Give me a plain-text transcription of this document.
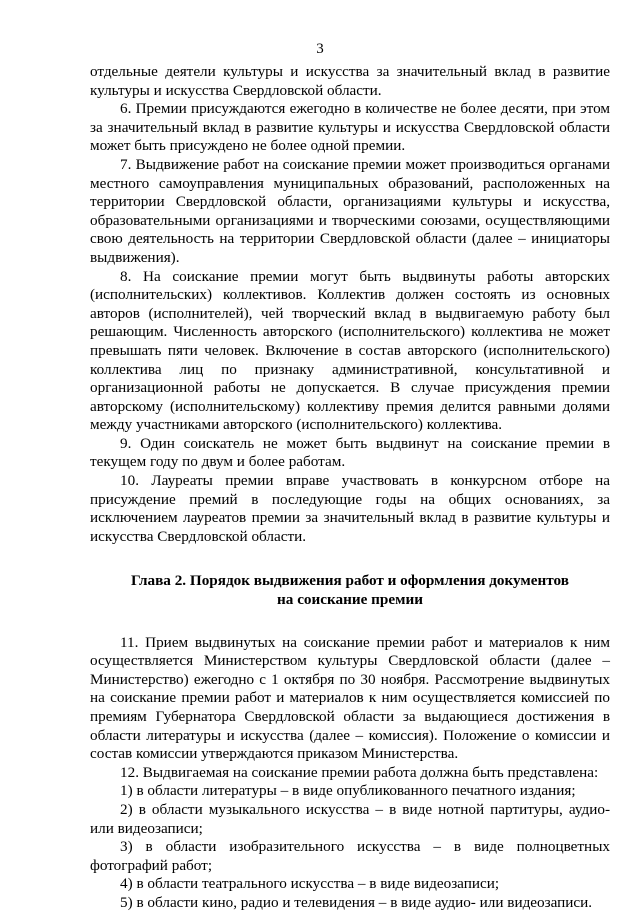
3

отдельные деятели культуры и искусства за значительный вклад в развитие культуры и искусства Свердловской области.

6. Премии присуждаются ежегодно в количестве не более десяти, при этом за значительный вклад в развитие культуры и искусства Свердловской области может быть присуждено не более одной премии.

7. Выдвижение работ на соискание премии может производиться органами местного самоуправления муниципальных образований, расположенных на территории Свердловской области, организациями культуры и искусства, образовательными организациями и творческими союзами, осуществляющими свою деятельность на территории Свердловской области (далее – инициаторы выдвижения).

8. На соискание премии могут быть выдвинуты работы авторских (исполнительских) коллективов. Коллектив должен состоять из основных авторов (исполнителей), чей творческий вклад в выдвигаемую работу был решающим. Численность авторского (исполнительского) коллектива не может превышать пяти человек. Включение в состав авторского (исполнительского) коллектива лиц по признаку административной, консультативной и организационной работы не допускается. В случае присуждения премии авторскому (исполнительскому) коллективу премия делится равными долями между участниками авторского (исполнительского) коллектива.

9. Один соискатель не может быть выдвинут на соискание премии в текущем году по двум и более работам.

10. Лауреаты премии вправе участвовать в конкурсном отборе на присуждение премий в последующие годы на общих основаниях, за исключением лауреатов премии за значительный вклад в развитие культуры и искусства Свердловской области.

Глава 2. Порядок выдвижения работ и оформления документов
на соискание премии

11. Прием выдвинутых на соискание премии работ и материалов к ним осуществляется Министерством культуры Свердловской области (далее – Министерство) ежегодно с 1 октября по 30 ноября. Рассмотрение выдвинутых на соискание премии работ и материалов к ним осуществляется комиссией по премиям Губернатора Свердловской области за выдающиеся достижения в области литературы и искусства (далее – комиссия). Положение о комиссии и состав комиссии утверждаются приказом Министерства.

12. Выдвигаемая на соискание премии работа должна быть представлена:

1) в области литературы – в виде опубликованного печатного издания;

2) в области музыкального искусства – в виде нотной партитуры, аудио- или видеозаписи;

3) в области изобразительного искусства – в виде полноцветных фотографий работ;

4) в области театрального искусства – в виде видеозаписи;

5) в области кино, радио и телевидения – в виде аудио- или видеозаписи.
